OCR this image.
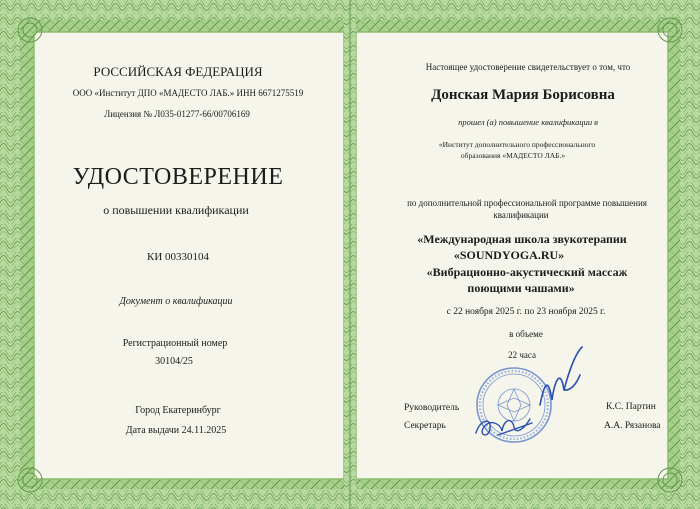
РОССИЙСКАЯ ФЕДЕРАЦИЯ
ООО «Институт ДПО «МАДЕСТО ЛАБ.» ИНН 6671275519
Лицензия № Л035-01277-66/00706169
УДОСТОВЕРЕНИЕ
о повышении квалификации
КИ 00330104
Документ о квалификации
Регистрационный номер
30104/25
Город Екатеринбург
Дата выдачи 24.11.2025
Настоящее удостоверение свидетельствует о том, что
Донская Мария Борисовна
прошел (а) повышение квалификации в
«Институт дополнительного профессионального
образования «МАДЕСТО ЛАБ.»
по дополнительной профессиональной программе повышения
квалификации
«Международная школа звукотерапии
«SOUNDYOGA.RU»
«Вибрационно-акустический массаж
поющими чашами»
с 22 ноября 2025 г. по 23 ноября 2025 г.
в объеме
22 часа
Руководитель	К.С. Партин
Секретарь	А.А. Рязанова
